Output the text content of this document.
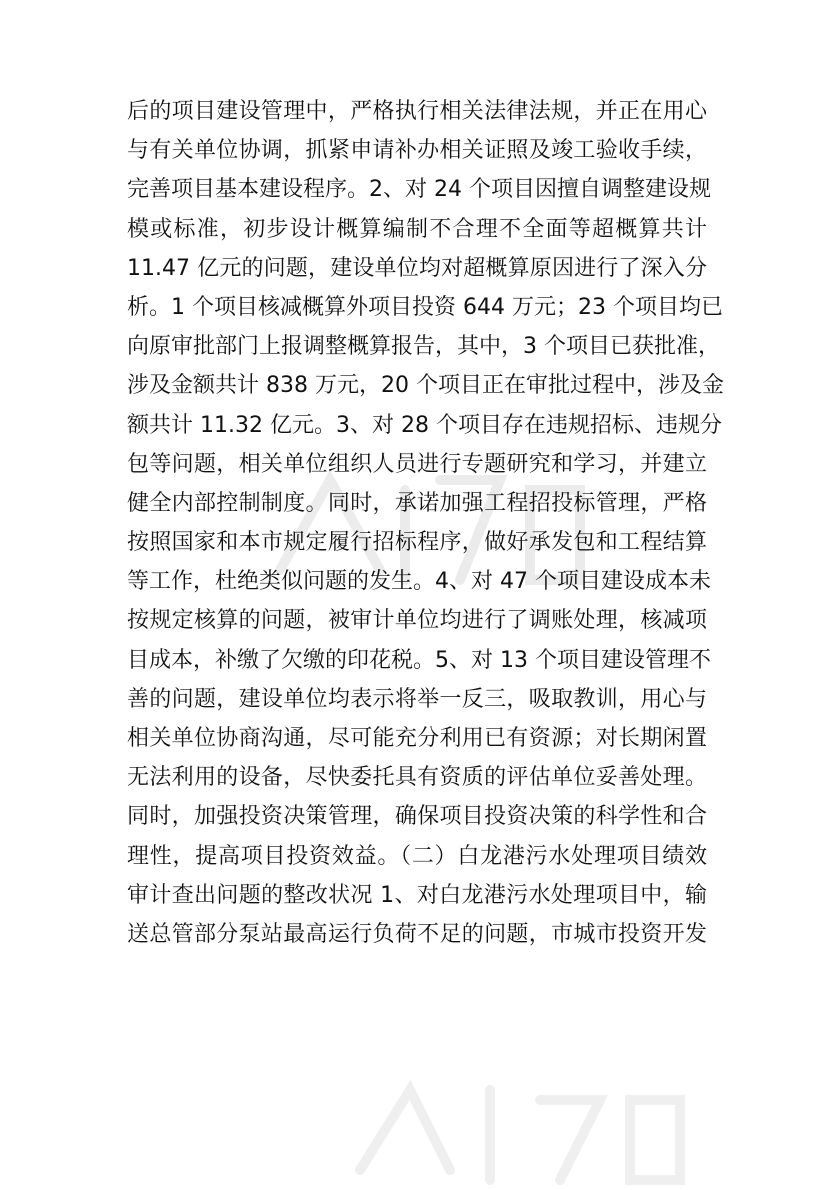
后的项目建设管理中，严格执行相关法律法规，并正在用心
与有关单位协调，抓紧申请补办相关证照及竣工验收手续，
完善项目基本建设程序。2、对 24 个项目因擅自调整建设规
模或标准，初步设计概算编制不合理不全面等超概算共计
11.47 亿元的问题，建设单位均对超概算原因进行了深入分
析。1 个项目核减概算外项目投资 644 万元；23 个项目均已
向原审批部门上报调整概算报告，其中，3 个项目已获批准，
涉及金额共计 838 万元，20 个项目正在审批过程中，涉及金
额共计 11.32 亿元。3、对 28 个项目存在违规招标、违规分
包等问题，相关单位组织人员进行专题研究和学习，并建立
健全内部控制制度。同时，承诺加强工程招投标管理，严格
按照国家和本市规定履行招标程序，做好承发包和工程结算
等工作，杜绝类似问题的发生。4、对 47 个项目建设成本未
按规定核算的问题，被审计单位均进行了调账处理，核减项
目成本，补缴了欠缴的印花税。5、对 13 个项目建设管理不
善的问题，建设单位均表示将举一反三，吸取教训，用心与
相关单位协商沟通，尽可能充分利用已有资源；对长期闲置
无法利用的设备，尽快委托具有资质的评估单位妥善处理。
同时，加强投资决策管理，确保项目投资决策的科学性和合
理性，提高项目投资效益。（二）白龙港污水处理项目绩效
审计查出问题的整改状况 1、对白龙港污水处理项目中，输
送总管部分泵站最高运行负荷不足的问题，市城市投资开发
